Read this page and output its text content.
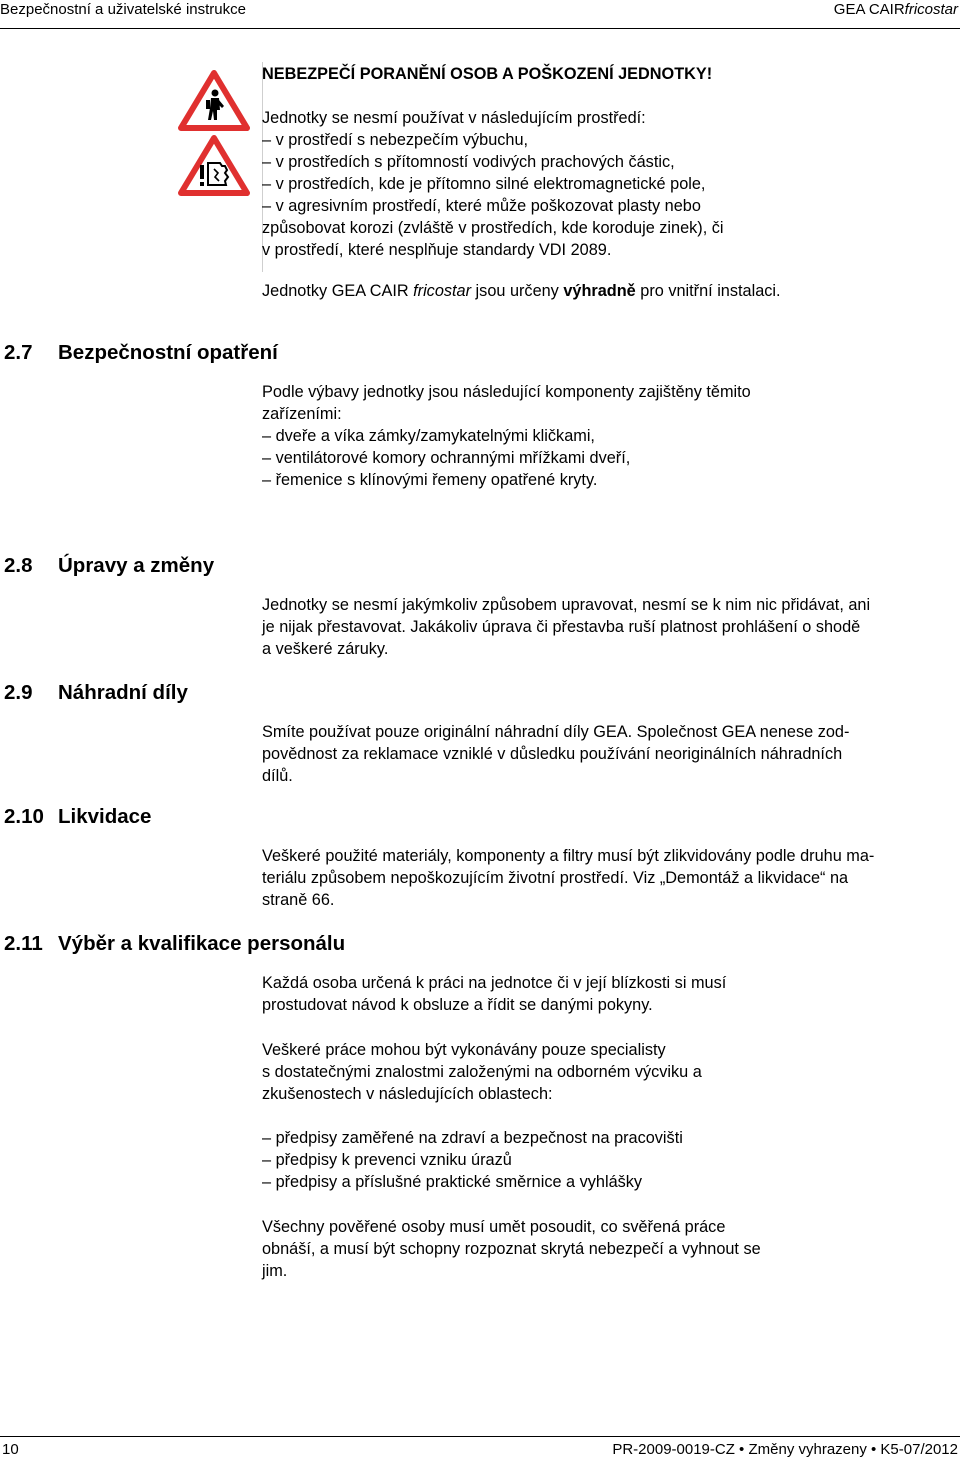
Bezpečnostní a uživatelské instrukce	GEA CAIRfricostar
NEBEZPEČÍ PORANĚNÍ OSOB A POŠKOZENÍ JEDNOTKY!
Jednotky se nesmí používat v následujícím prostředí:
– v prostředí s nebezpečím výbuchu,
– v prostředích s přítomností vodivých prachových částic,
– v prostředích, kde je přítomno silné elektromagnetické pole,
– v agresivním prostředí, které může poškozovat plasty nebo
způsobovat korozi (zvláště v prostředích, kde koroduje zinek), či
v prostředí, které nesplňuje standardy VDI 2089.
Jednotky GEA CAIR fricostar jsou určeny výhradně pro vnitřní instalaci.
2.7 Bezpečnostní opatření
Podle výbavy jednotky jsou následující komponenty zajištěny těmito
zařízeními:
– dveře a víka zámky/zamykatelnými kličkami,
– ventilátorové komory ochrannými mřížkami dveří,
– řemenice s klínovými řemeny opatřené kryty.
2.8 Úpravy a změny
Jednotky se nesmí jakýmkoliv způsobem upravovat, nesmí se k nim nic přidávat, ani
je nijak přestavovat. Jakákoliv úprava či přestavba ruší platnost prohlášení o shodě
a veškeré záruky.
2.9 Náhradní díly
Smíte používat pouze originální náhradní díly GEA. Společnost GEA nenese zod-
povědnost za reklamace vzniklé v důsledku používání neoriginálních náhradních
dílů.
2.10 Likvidace
Veškeré použité materiály, komponenty a filtry musí být zlikvidovány podle druhu ma-
teriálu způsobem nepoškozujícím životní prostředí. Viz „Demontáž a likvidace“ na
straně 66.
2.11 Výběr a kvalifikace personálu
Každá osoba určená k práci na jednotce či v její blízkosti si musí
prostudovat návod k obsluze a řídit se danými pokyny.
Veškeré práce mohou být vykonávány pouze specialisty
s dostatečnými znalostmi založenými na odborném výcviku a
zkušenostech v následujících oblastech:
– předpisy zaměřené na zdraví a bezpečnost na pracovišti
– předpisy k prevenci vzniku úrazů
– předpisy a příslušné praktické směrnice a vyhlášky
Všechny pověřené osoby musí umět posoudit, co svěřená práce
obnáší, a musí být schopny rozpoznat skrytá nebezpečí a vyhnout se
jim.
10	PR-2009-0019-CZ • Změny vyhrazeny • K5-07/2012
